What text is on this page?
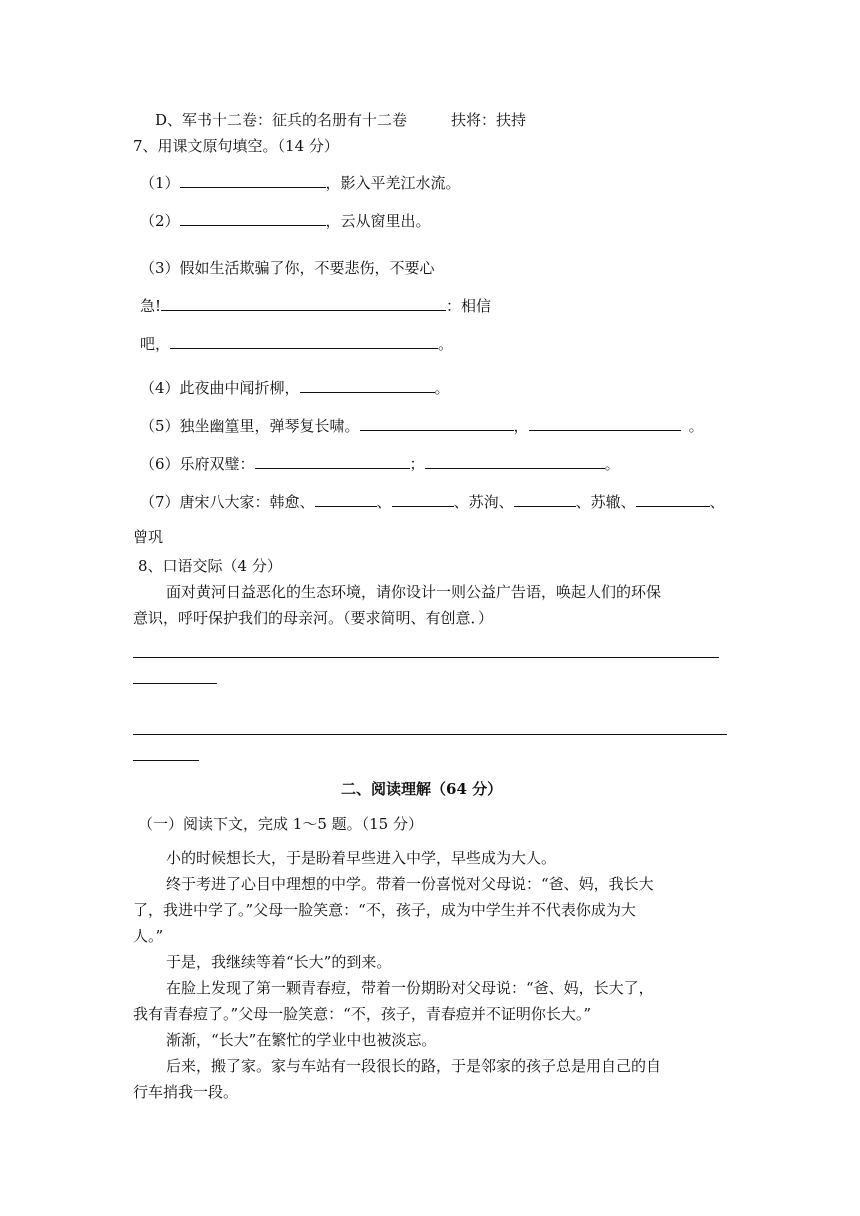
D、军书十二卷：征兵的名册有十二卷	扶将：扶持
7、用课文原句填空。（14 分）
（1）	，影入平羌江水流。
（2）	，云从窗里出。
（3）假如生活欺骗了你，不要悲伤，不要心
急!	：相信
吧，	。
（4）此夜曲中闻折柳，	。
（5）独坐幽篁里，弹琴复长啸。	，	。
（6）乐府双璧：	；	。
（7）唐宋八大家：韩愈、	、	、苏洵、	、苏辙、	、
曾巩
8、口语交际（4 分）
面对黄河日益恶化的生态环境，请你设计一则公益广告语，唤起人们的环保
意识，呼吁保护我们的母亲河。（要求简明、有创意．）
二、阅读理解（64 分）
（一）阅读下文，完成 1～5 题。（15 分）
小的时候想长大，于是盼着早些进入中学，早些成为大人。
终于考进了心目中理想的中学。带着一份喜悦对父母说：“爸、妈，我长大
了，我进中学了。”父母一脸笑意：“不，孩子，成为中学生并不代表你成为大
人。”
于是，我继续等着“长大”的到来。
在脸上发现了第一颗青春痘，带着一份期盼对父母说：“爸、妈，长大了，
我有青春痘了。”父母一脸笑意：“不，孩子，青春痘并不证明你长大。”
渐渐，“长大”在繁忙的学业中也被淡忘。
后来，搬了家。家与车站有一段很长的路，于是邻家的孩子总是用自己的自
行车捎我一段。
